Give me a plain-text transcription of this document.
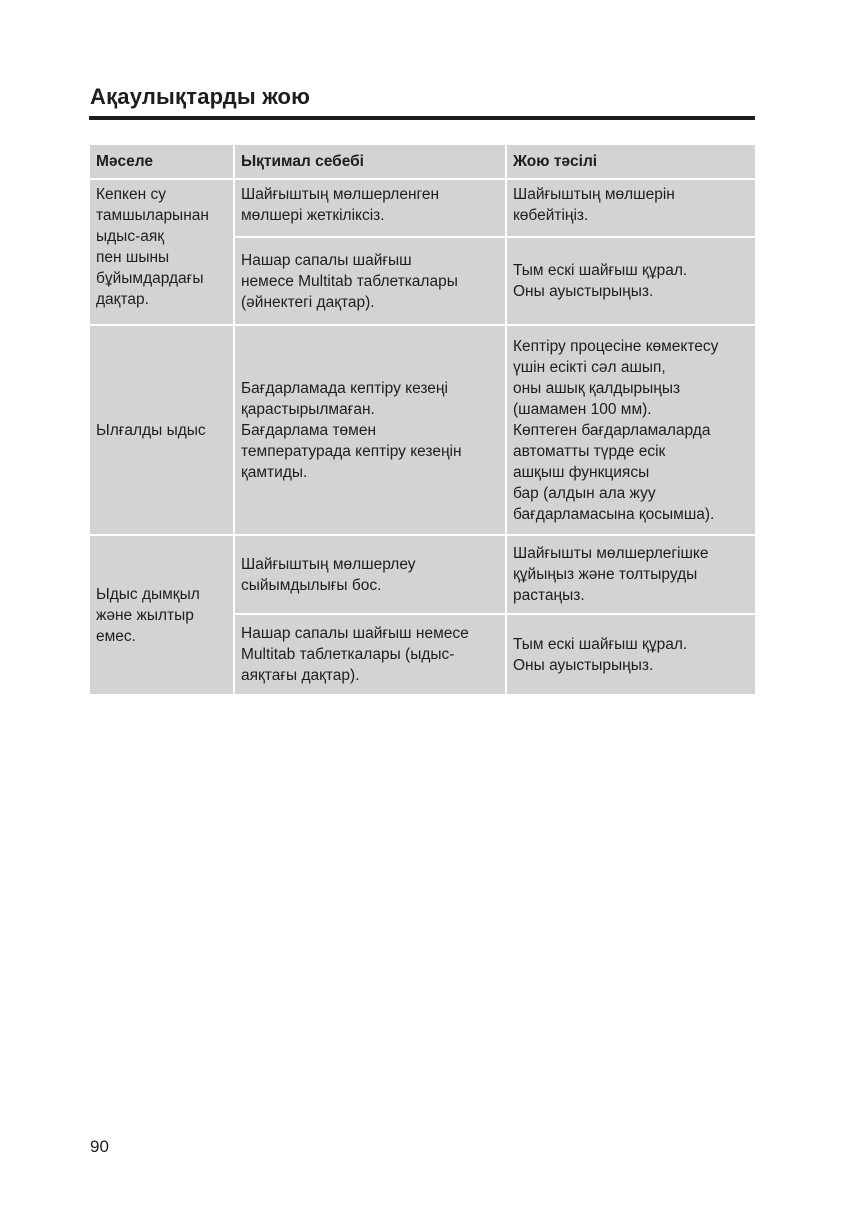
Ақаулықтарды жою
Мәселе	Ықтимал себебі	Жою тәсілі
Кепкен су
тамшыларынан
ыдыс-аяқ
пен шыны
бұйымдардағы
дақтар.
Шайғыштың мөлшерленген
мөлшері жеткіліксіз.
Шайғыштың мөлшерін
көбейтіңіз.
Нашар сапалы шайғыш
немесе Multitab таблеткалары
(әйнектегі дақтар).
Тым ескі шайғыш құрал.
Оны ауыстырыңыз.
Ылғалды ыдыс
Бағдарламада кептіру кезеңі
қарастырылмаған.
Бағдарлама төмен
температурада кептіру кезеңін
қамтиды.
Кептіру процесіне көмектесу
үшін есікті сәл ашып,
оны ашық қалдырыңыз
(шамамен 100 мм).
Көптеген бағдарламаларда
автоматты түрде есік
ашқыш функциясы
бар (алдын ала жуу
бағдарламасына қосымша).
Ыдыс дымқыл
және жылтыр
емес.
Шайғыштың мөлшерлеу
сыйымдылығы бос.
Шайғышты мөлшерлегішке
құйыңыз және толтыруды
растаңыз.
Нашар сапалы шайғыш немесе
Multitab таблеткалары (ыдыс-
аяқтағы дақтар).
Тым ескі шайғыш құрал.
Оны ауыстырыңыз.
90
